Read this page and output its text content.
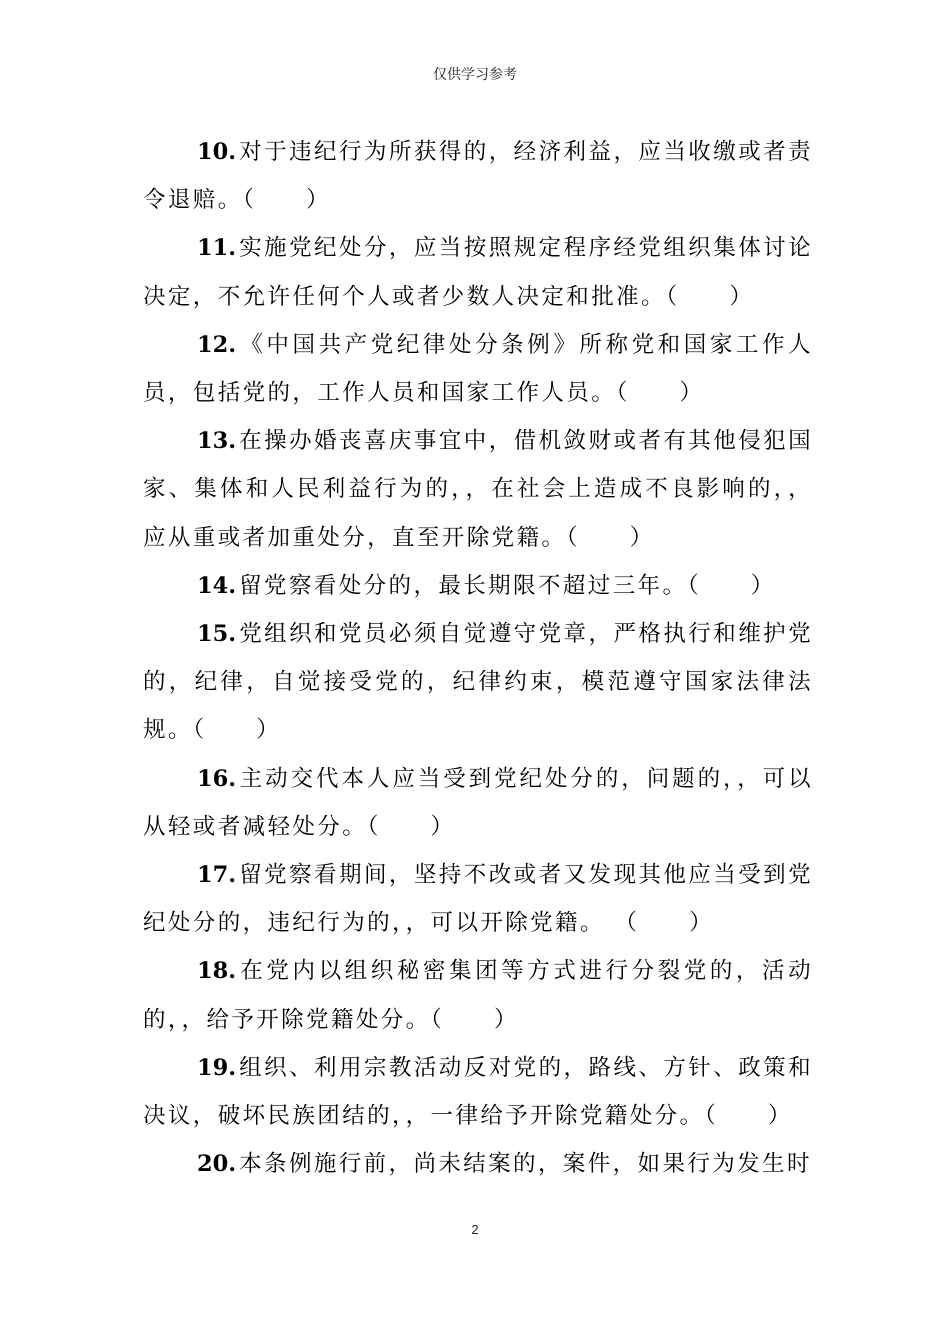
仅供学习参考

10. 对于违纪行为所获得的，经济利益，应当收缴或者责令退赔。（　　）

11. 实施党纪处分，应当按照规定程序经党组织集体讨论决定，不允许任何个人或者少数人决定和批准。（　　）

12. 《中国共产党纪律处分条例》所称党和国家工作人员，包括党的，工作人员和国家工作人员。（　　）

13. 在操办婚丧喜庆事宜中，借机敛财或者有其他侵犯国家、集体和人民利益行为的，，在社会上造成不良影响的，，应从重或者加重处分，直至开除党籍。（　　）

14. 留党察看处分的，最长期限不超过三年。（　　）

15. 党组织和党员必须自觉遵守党章，严格执行和维护党的，纪律，自觉接受党的，纪律约束，模范遵守国家法律法规。（　　）

16. 主动交代本人应当受到党纪处分的，问题的，，可以从轻或者减轻处分。（　　）

17. 留党察看期间，坚持不改或者又发现其他应当受到党纪处分的，违纪行为的，，可以开除党籍。 （　　）

18. 在党内以组织秘密集团等方式进行分裂党的，活动的，，给予开除党籍处分。（　　）

19. 组织、利用宗教活动反对党的，路线、方针、政策和决议，破坏民族团结的，，一律给予开除党籍处分。（　　）

20. 本条例施行前，尚未结案的，案件，如果行为发生时

2
